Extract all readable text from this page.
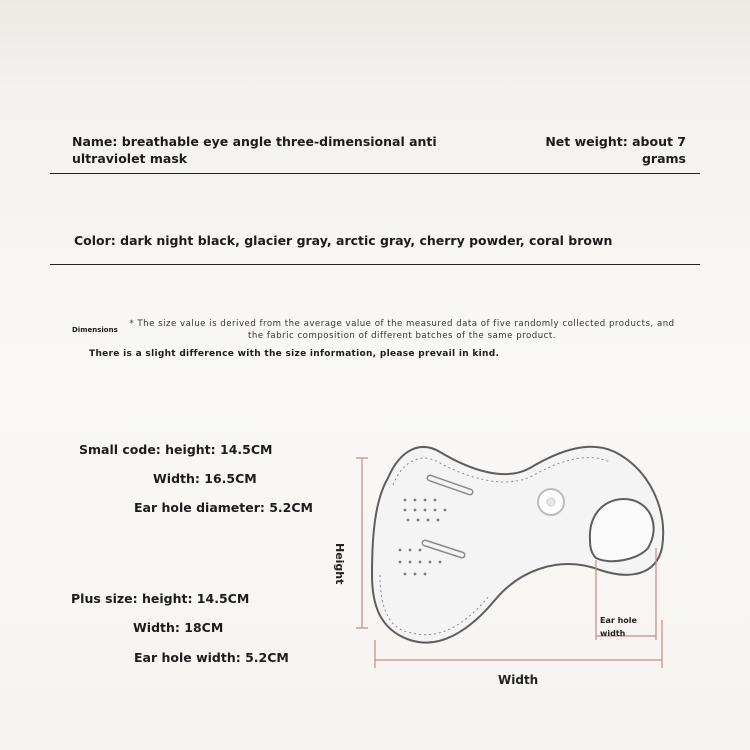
Name: breathable eye angle three-dimensional anti ultraviolet mask
Net weight: about 7
grams
Color: dark night black, glacier gray, arctic gray, cherry powder, coral brown
Dimensions
* The size value is derived from the average value of the measured data of five randomly collected products, and the fabric composition of different batches of the same product.
There is a slight difference with the size information, please prevail in kind.
Small code: height: 14.5CM
Width: 16.5CM
Ear hole diameter: 5.2CM
Plus size: height: 14.5CM
Width: 18CM
Ear hole width: 5.2CM
Height
Width
Ear hole
width
